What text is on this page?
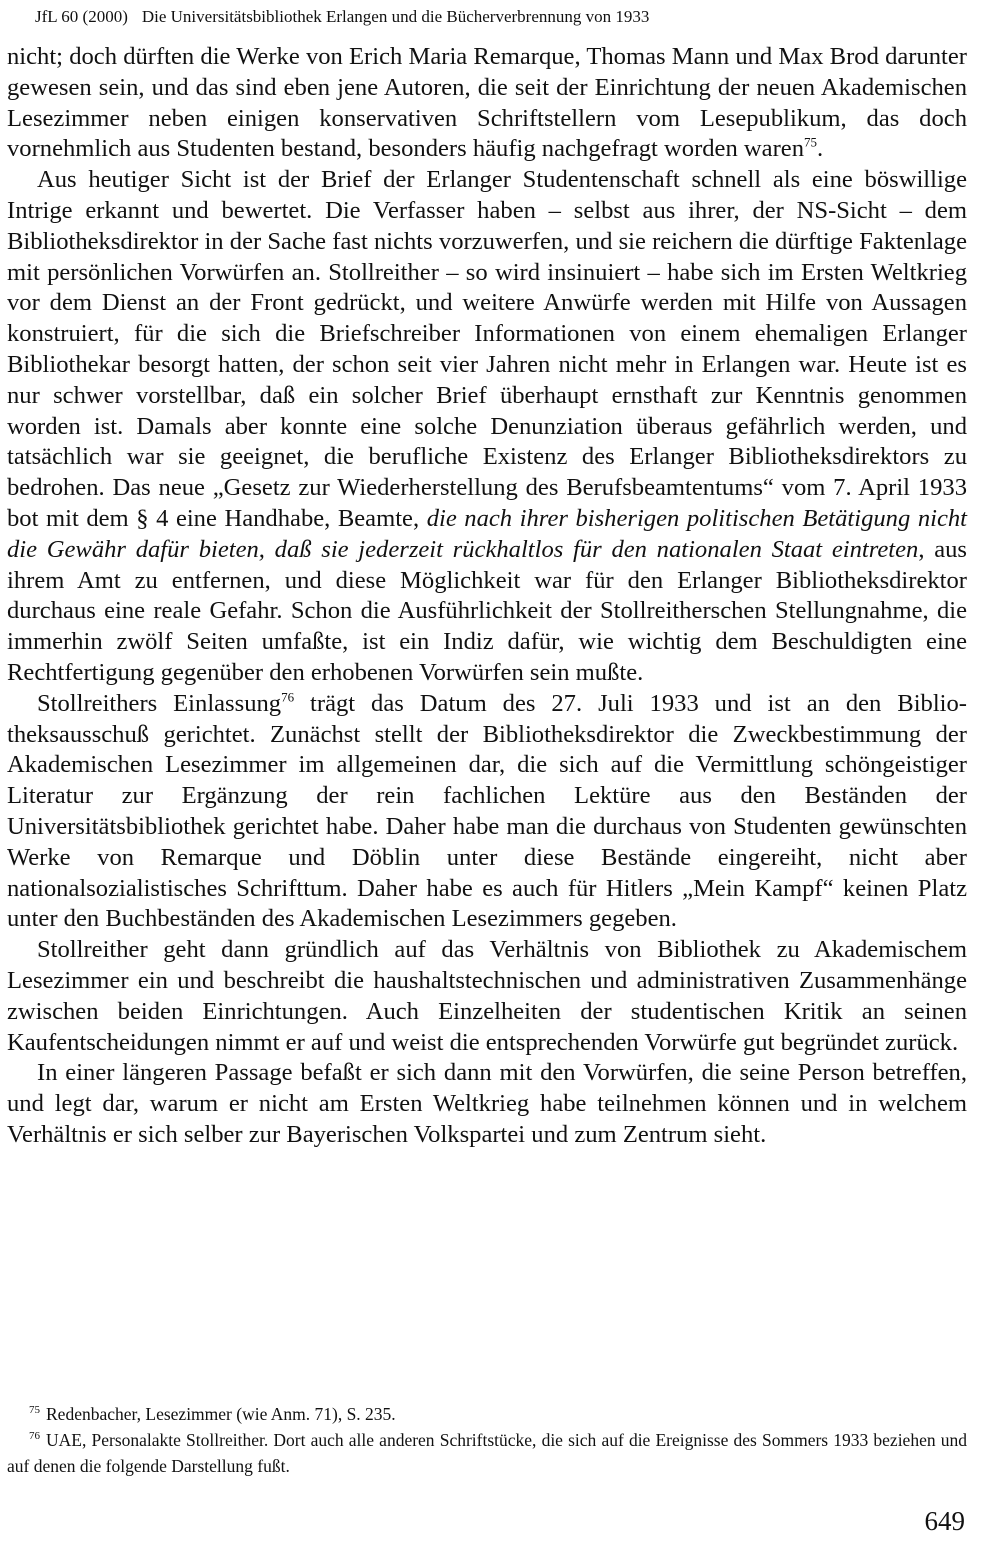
JfL 60 (2000) Die Universitätsbibliothek Erlangen und die Bücherverbrennung von 1933

nicht; doch dürften die Werke von Erich Maria Remarque, Thomas Mann und Max Brod darunter gewesen sein, und das sind eben jene Autoren, die seit der Einrichtung der neuen Akademischen Lesezimmer neben einigen konservativen Schriftstellern vom Lesepublikum, das doch vornehmlich aus Studenten bestand, besonders häufig nachgefragt worden waren$^{75}$.

Aus heutiger Sicht ist der Brief der Erlanger Studentenschaft schnell als eine böswillige Intrige erkannt und bewertet. Die Verfasser haben – selbst aus ihrer, der NS-Sicht – dem Bibliotheksdirektor in der Sache fast nichts vorzuwerfen, und sie reichern die dürftige Faktenlage mit persönlichen Vorwürfen an. Stollreither – so wird insinuiert – habe sich im Ersten Weltkrieg vor dem Dienst an der Front gedrückt, und weitere Anwürfe werden mit Hilfe von Aussagen konstruiert, für die sich die Briefschreiber Informationen von einem ehemaligen Erlanger Bibliothekar besorgt hatten, der schon seit vier Jahren nicht mehr in Erlangen war. Heute ist es nur schwer vorstellbar, daß ein solcher Brief überhaupt ernsthaft zur Kenntnis genommen worden ist. Damals aber konnte eine solche Denunziation überaus gefährlich werden, und tatsächlich war sie geeignet, die berufliche Existenz des Erlanger Bibliotheksdirektors zu bedrohen. Das neue „Gesetz zur Wiederherstellung des Berufsbeamtentums“ vom 7. April 1933 bot mit dem § 4 eine Handhabe, Beamte, die nach ihrer bisherigen politischen Betätigung nicht die Gewähr dafür bieten, daß sie jederzeit rückhaltlos für den nationalen Staat eintreten, aus ihrem Amt zu entfernen, und diese Möglichkeit war für den Erlanger Bibliotheksdirektor durchaus eine reale Gefahr. Schon die Ausführlichkeit der Stollreitherschen Stellungnahme, die immerhin zwölf Seiten umfaßte, ist ein Indiz dafür, wie wichtig dem Beschuldigten eine Rechtfertigung gegenüber den erhobenen Vorwürfen sein mußte.

Stollreithers Einlassung$^{76}$ trägt das Datum des 27. Juli 1933 und ist an den Bibliotheksausschuß gerichtet. Zunächst stellt der Bibliotheksdirektor die Zweckbestimmung der Akademischen Lesezimmer im allgemeinen dar, die sich auf die Vermittlung schöngeistiger Literatur zur Ergänzung der rein fachlichen Lektüre aus den Beständen der Universitätsbibliothek gerichtet habe. Daher habe man die durchaus von Studenten gewünschten Werke von Remarque und Döblin unter diese Bestände eingereiht, nicht aber nationalsozialistisches Schrifttum. Daher habe es auch für Hitlers „Mein Kampf“ keinen Platz unter den Buchbeständen des Akademischen Lesezimmers gegeben.

Stollreither geht dann gründlich auf das Verhältnis von Bibliothek zu Akademischem Lesezimmer ein und beschreibt die haushaltstechnischen und administrativen Zusammenhänge zwischen beiden Einrichtungen. Auch Einzelheiten der studentischen Kritik an seinen Kaufentscheidungen nimmt er auf und weist die entsprechenden Vorwürfe gut begründet zurück.

In einer längeren Passage befaßt er sich dann mit den Vorwürfen, die seine Person betreffen, und legt dar, warum er nicht am Ersten Weltkrieg habe teilnehmen können und in welchem Verhältnis er sich selber zur Bayerischen Volkspartei und zum Zentrum sieht.

$^{75}$ Redenbacher, Lesezimmer (wie Anm. 71), S. 235.

$^{76}$ UAE, Personalakte Stollreither. Dort auch alle anderen Schriftstücke, die sich auf die Ereignisse des Sommers 1933 beziehen und auf denen die folgende Darstellung fußt.

649
